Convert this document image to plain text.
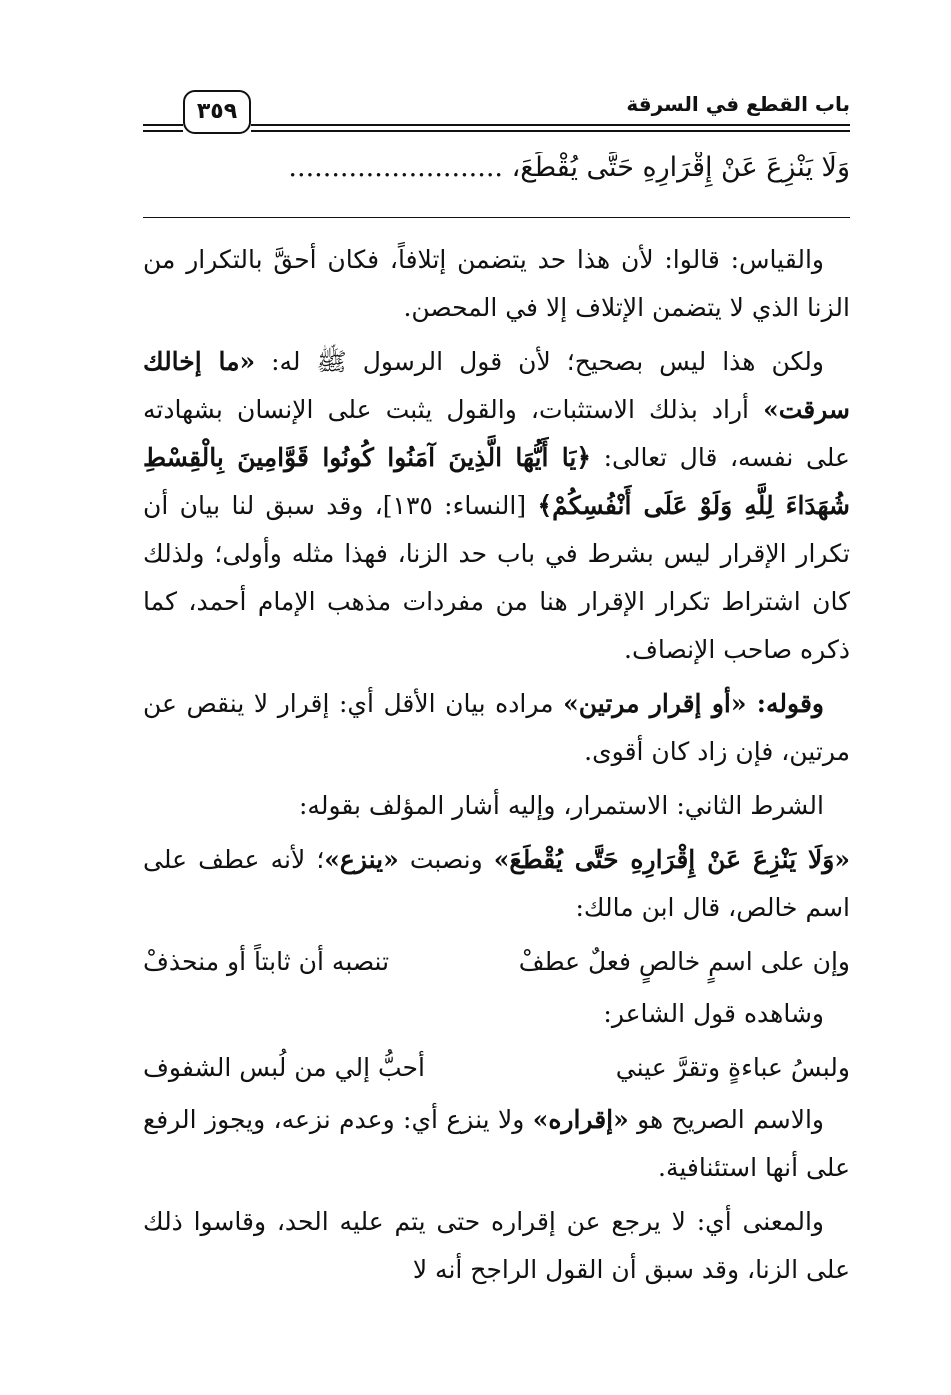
باب القطع في السرقة
٣٥٩
وَلَا يَنْزِعَ عَنْ إِقْرَارِهِ حَتَّى يُقْطَعَ، .........................

والقياس: قالوا: لأن هذا حد يتضمن إتلافاً، فكان أحقَّ بالتكرار من الزنا الذي لا يتضمن الإتلاف إلا في المحصن.

ولكن هذا ليس بصحيح؛ لأن قول الرسول ﷺ له: «ما إخالك سرقت» أراد بذلك الاستثبات، والقول يثبت على الإنسان بشهادته على نفسه، قال تعالى: ﴿يَا أَيُّهَا الَّذِينَ آمَنُوا كُونُوا قَوَّامِينَ بِالْقِسْطِ شُهَدَاءَ لِلَّهِ وَلَوْ عَلَى أَنْفُسِكُمْ﴾ [النساء: ١٣٥]، وقد سبق لنا بيان أن تكرار الإقرار ليس بشرط في باب حد الزنا، فهذا مثله وأولى؛ ولذلك كان اشتراط تكرار الإقرار هنا من مفردات مذهب الإمام أحمد، كما ذكره صاحب الإنصاف.

وقوله: «أو إقرار مرتين» مراده بيان الأقل أي: إقرار لا ينقص عن مرتين، فإن زاد كان أقوى.

الشرط الثاني: الاستمرار، وإليه أشار المؤلف بقوله:

«وَلَا يَنْزِعَ عَنْ إِقْرَارِهِ حَتَّى يُقْطَعَ» ونصبت «ينزع»؛ لأنه عطف على اسم خالص، قال ابن مالك:

وإن على اسمٍ خالصٍ فعلٌ عطفْ
تنصبه أن ثابتاً أو منحذفْ

وشاهده قول الشاعر:

ولبسُ عباءةٍ وتقرَّ عيني
أحبُّ إلي من لُبس الشفوف

والاسم الصريح هو «إقراره» ولا ينزع أي: وعدم نزعه، ويجوز الرفع على أنها استئنافية.

والمعنى أي: لا يرجع عن إقراره حتى يتم عليه الحد، وقاسوا ذلك على الزنا، وقد سبق أن القول الراجح أنه لا
